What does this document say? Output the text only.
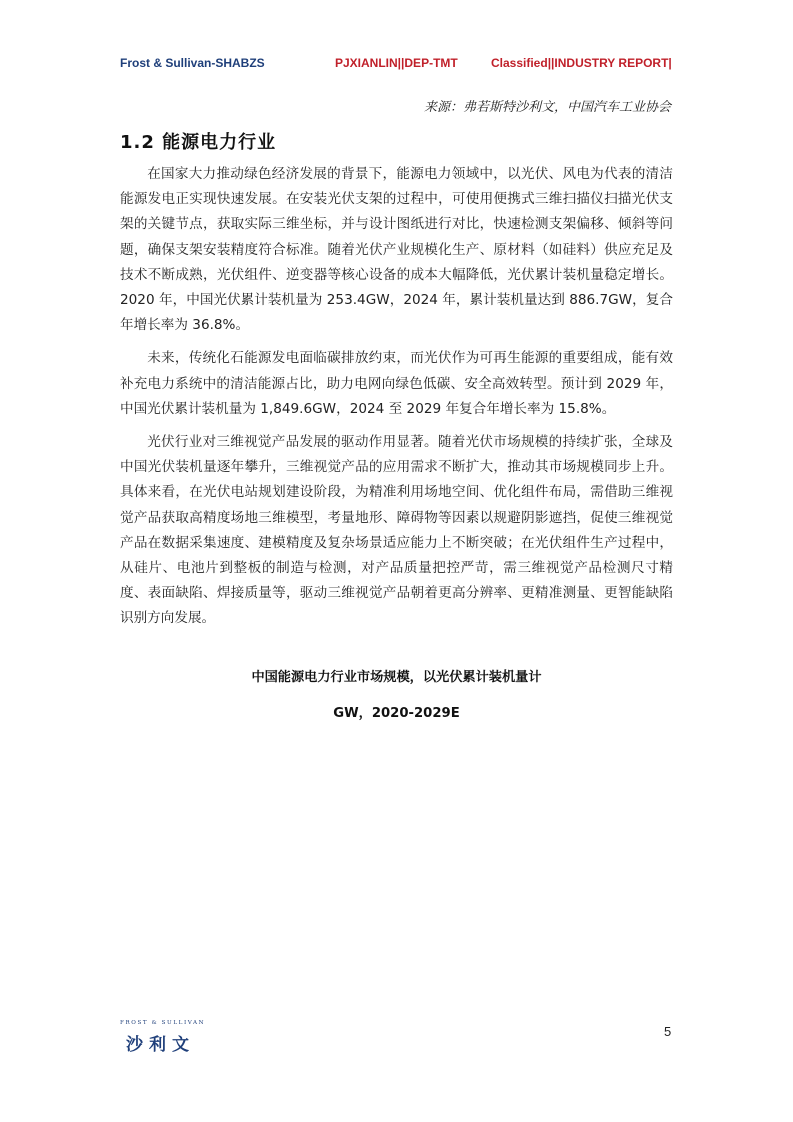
Frost & Sullivan-SHABZS	PJXIANLIN||DEP-TMT	Classified||INDUSTRY REPORT|
来源：弗若斯特沙利文，中国汽车工业协会
1.2 能源电力行业

在国家大力推动绿色经济发展的背景下，能源电力领域中，以光伏、风电为代表的清洁能源发电正实现快速发展。在安装光伏支架的过程中，可使用便携式三维扫描仪扫描光伏支架的关键节点，获取实际三维坐标，并与设计图纸进行对比，快速检测支架偏移、倾斜等问题，确保支架安装精度符合标准。随着光伏产业规模化生产、原材料（如硅料）供应充足及技术不断成熟，光伏组件、逆变器等核心设备的成本大幅降低，光伏累计装机量稳定增长。2020 年，中国光伏累计装机量为 253.4GW，2024 年，累计装机量达到 886.7GW，复合年增长率为 36.8%。

未来，传统化石能源发电面临碳排放约束，而光伏作为可再生能源的重要组成，能有效补充电力系统中的清洁能源占比，助力电网向绿色低碳、安全高效转型。预计到 2029 年，中国光伏累计装机量为 1,849.6GW，2024 至 2029 年复合年增长率为 15.8%。

光伏行业对三维视觉产品发展的驱动作用显著。随着光伏市场规模的持续扩张，全球及中国光伏装机量逐年攀升，三维视觉产品的应用需求不断扩大，推动其市场规模同步上升。具体来看，在光伏电站规划建设阶段，为精准利用场地空间、优化组件布局，需借助三维视觉产品获取高精度场地三维模型，考量地形、障碍物等因素以规避阴影遮挡，促使三维视觉产品在数据采集速度、建模精度及复杂场景适应能力上不断突破；在光伏组件生产过程中，从硅片、电池片到整板的制造与检测，对产品质量把控严苛，需三维视觉产品检测尺寸精度、表面缺陷、焊接质量等，驱动三维视觉产品朝着更高分辨率、更精准测量、更智能缺陷识别方向发展。

中国能源电力行业市场规模，以光伏累计装机量计

GW，2020-2029E

FROST & SULLIVAN
沙利文
5
